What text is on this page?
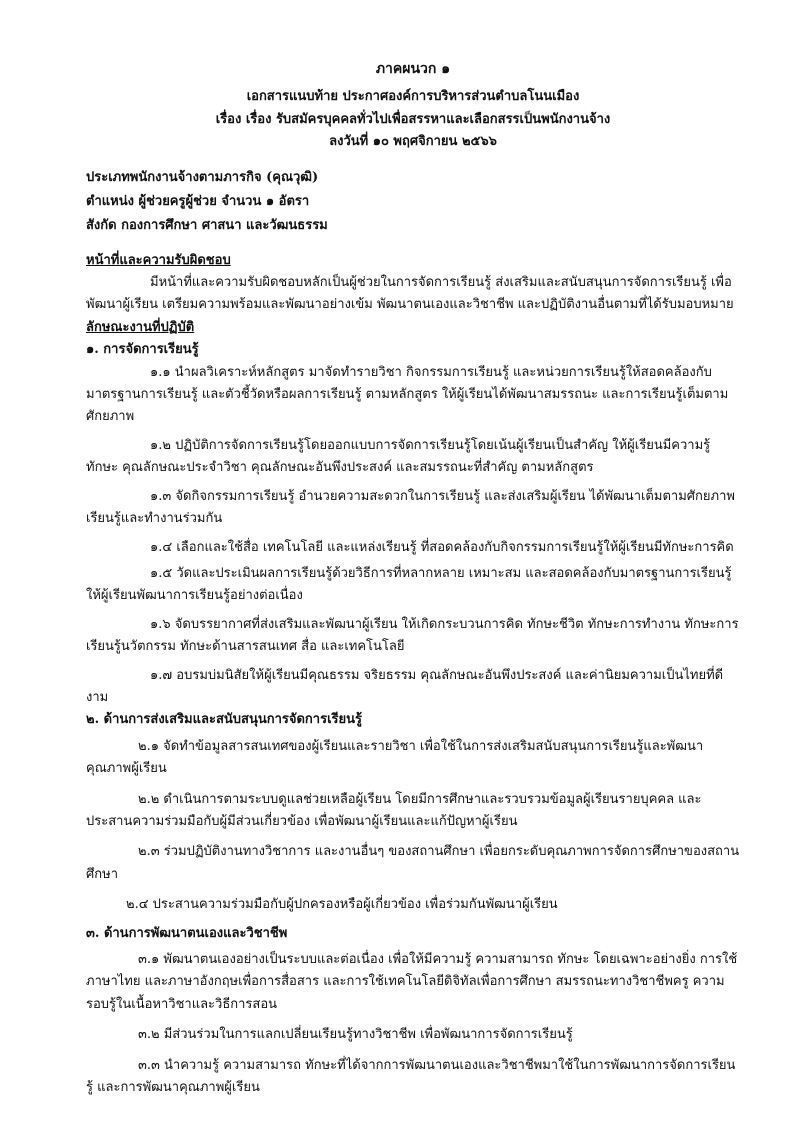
ภาคผนวก ๑
เอกสารแนบท้าย ประกาศองค์การบริหารส่วนตำบลโนนเมือง
เรื่อง เรื่อง รับสมัครบุคคลทั่วไปเพื่อสรรหาและเลือกสรรเป็นพนักงานจ้าง
ลงวันที่ ๑๐ พฤศจิกายน ๒๕๖๖
ประเภทพนักงานจ้างตามภารกิจ (คุณวุฒิ)
ตำแหน่ง ผู้ช่วยครูผู้ช่วย จำนวน ๑ อัตรา
สังกัด กองการศึกษา ศาสนา และวัฒนธรรม
หน้าที่และความรับผิดชอบ

มีหน้าที่และความรับผิดชอบหลักเป็นผู้ช่วยในการจัดการเรียนรู้ ส่งเสริมและสนับสนุนการจัดการเรียนรู้ เพื่อพัฒนาผู้เรียน เตรียมความพร้อมและพัฒนาอย่างเข้ม พัฒนาตนเองและวิชาชีพ และปฏิบัติงานอื่นตามที่ได้รับมอบหมาย

ลักษณะงานที่ปฏิบัติ
๑. การจัดการเรียนรู้

๑.๑ นำผลวิเคราะห์หลักสูตร มาจัดทำรายวิชา กิจกรรมการเรียนรู้ และหน่วยการเรียนรู้ให้สอดคล้องกับมาตรฐานการเรียนรู้ และตัวชี้วัดหรือผลการเรียนรู้ ตามหลักสูตร ให้ผู้เรียนได้พัฒนาสมรรถนะ และการเรียนรู้เต็มตามศักยภาพ

๑.๒ ปฏิบัติการจัดการเรียนรู้โดยออกแบบการจัดการเรียนรู้โดยเน้นผู้เรียนเป็นสำคัญ ให้ผู้เรียนมีความรู้ ทักษะ คุณลักษณะประจำวิชา คุณลักษณะอันพึงประสงค์ และสมรรถนะที่สำคัญ ตามหลักสูตร

๑.๓ จัดกิจกรรมการเรียนรู้ อำนวยความสะดวกในการเรียนรู้ และส่งเสริมผู้เรียน ได้พัฒนาเต็มตามศักยภาพ เรียนรู้และทำงานร่วมกัน

๑.๔ เลือกและใช้สื่อ เทคโนโลยี และแหล่งเรียนรู้ ที่สอดคล้องกับกิจกรรมการเรียนรู้ให้ผู้เรียนมีทักษะการคิด

๑.๕ วัดและประเมินผลการเรียนรู้ด้วยวิธีการที่หลากหลาย เหมาะสม และสอดคล้องกับมาตรฐานการเรียนรู้ ให้ผู้เรียนพัฒนาการเรียนรู้อย่างต่อเนื่อง

๑.๖ จัดบรรยากาศที่ส่งเสริมและพัฒนาผู้เรียน ให้เกิดกระบวนการคิด ทักษะชีวิต ทักษะการทำงาน ทักษะการเรียนรู้นวัตกรรม ทักษะด้านสารสนเทศ สื่อ และเทคโนโลยี

๑.๗ อบรมบ่มนิสัยให้ผู้เรียนมีคุณธรรม จริยธรรม คุณลักษณะอันพึงประสงค์ และค่านิยมความเป็นไทยที่ดีงาม

๒. ด้านการส่งเสริมและสนับสนุนการจัดการเรียนรู้

๒.๑ จัดทำข้อมูลสารสนเทศของผู้เรียนและรายวิชา เพื่อใช้ในการส่งเสริมสนับสนุนการเรียนรู้และพัฒนาคุณภาพผู้เรียน

๒.๒ ดำเนินการตามระบบดูแลช่วยเหลือผู้เรียน โดยมีการศึกษาและรวบรวมข้อมูลผู้เรียนรายบุคคล และประสานความร่วมมือกับผู้มีส่วนเกี่ยวข้อง เพื่อพัฒนาผู้เรียนและแก้ปัญหาผู้เรียน

๒.๓ ร่วมปฏิบัติงานทางวิชาการ และงานอื่นๆ ของสถานศึกษา เพื่อยกระดับคุณภาพการจัดการศึกษาของสถานศึกษา

๒.๔ ประสานความร่วมมือกับผู้ปกครองหรือผู้เกี่ยวข้อง เพื่อร่วมกันพัฒนาผู้เรียน

๓. ด้านการพัฒนาตนเองและวิชาชีพ

๓.๑ พัฒนาตนเองอย่างเป็นระบบและต่อเนื่อง เพื่อให้มีความรู้ ความสามารถ ทักษะ โดยเฉพาะอย่างยิ่ง การใช้ภาษาไทย และภาษาอังกฤษเพื่อการสื่อสาร และการใช้เทคโนโลยีดิจิทัลเพื่อการศึกษา สมรรถนะทางวิชาชีพครู ความรอบรู้ในเนื้อหาวิชาและวิธีการสอน

๓.๒ มีส่วนร่วมในการแลกเปลี่ยนเรียนรู้ทางวิชาชีพ เพื่อพัฒนาการจัดการเรียนรู้

๓.๓ นำความรู้ ความสามารถ ทักษะที่ได้จากการพัฒนาตนเองและวิชาชีพมาใช้ในการพัฒนาการจัดการเรียนรู้ และการพัฒนาคุณภาพผู้เรียน
